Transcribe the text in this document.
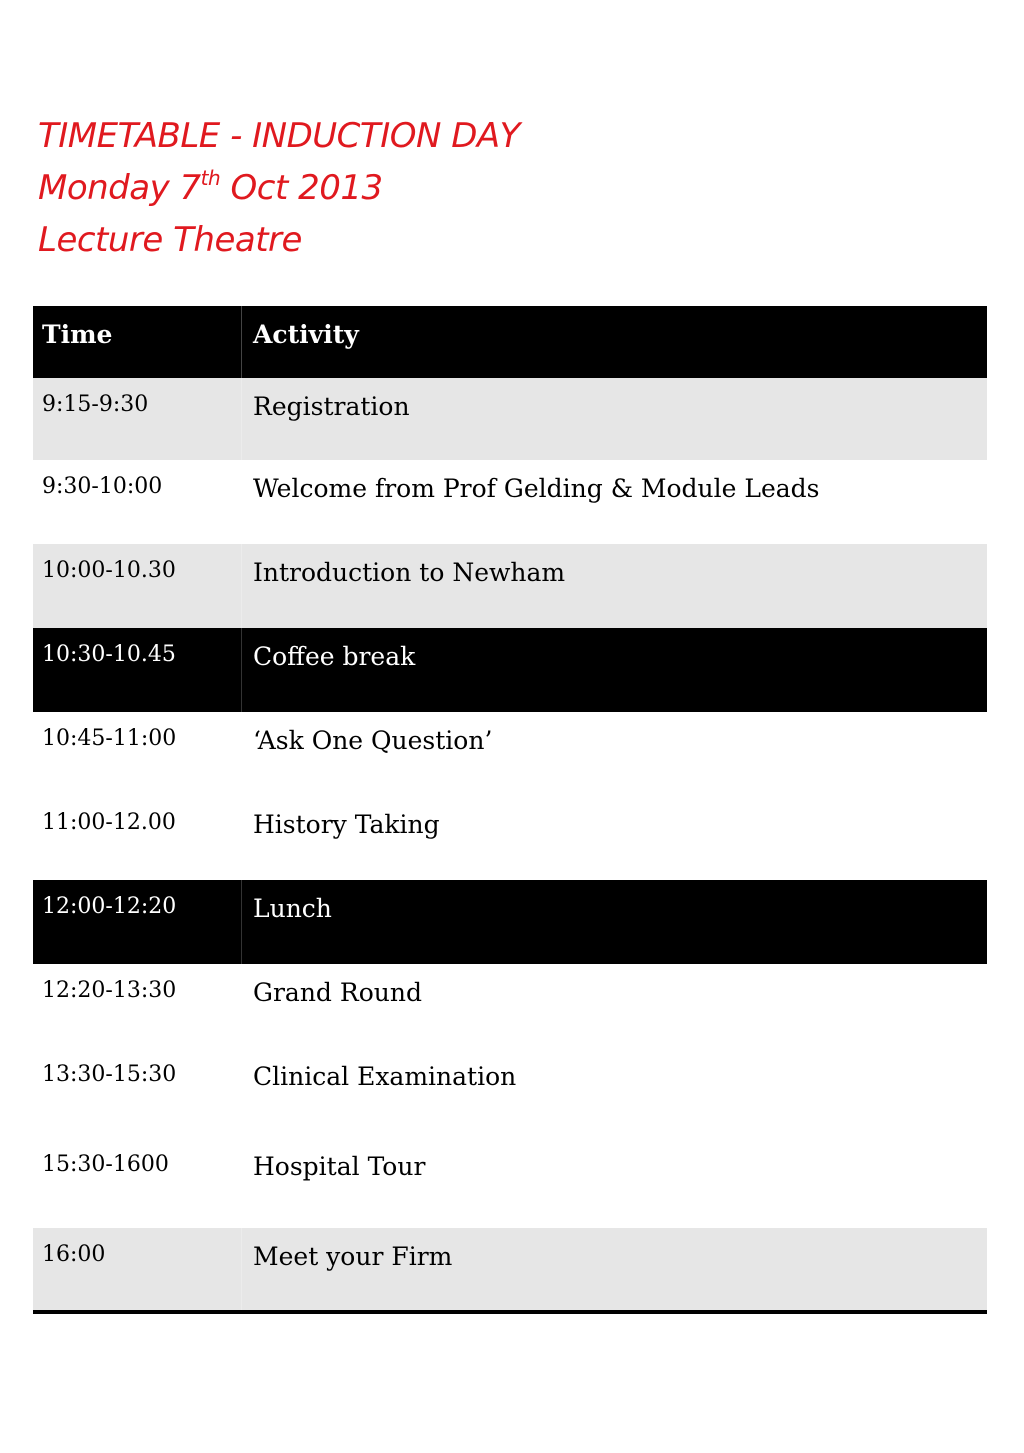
TIMETABLE - INDUCTION DAY
Monday 7th Oct 2013
Lecture Theatre
Time	Activity
9:15-9:30	Registration
9:30-10:00	Welcome from Prof Gelding & Module Leads
10:00-10.30	Introduction to Newham
10:30-10.45	Coffee break
10:45-11:00	‘Ask One Question’
11:00-12.00	History Taking
12:00-12:20	Lunch
12:20-13:30	Grand Round
13:30-15:30	Clinical Examination
15:30-1600	Hospital Tour
16:00	Meet your Firm
